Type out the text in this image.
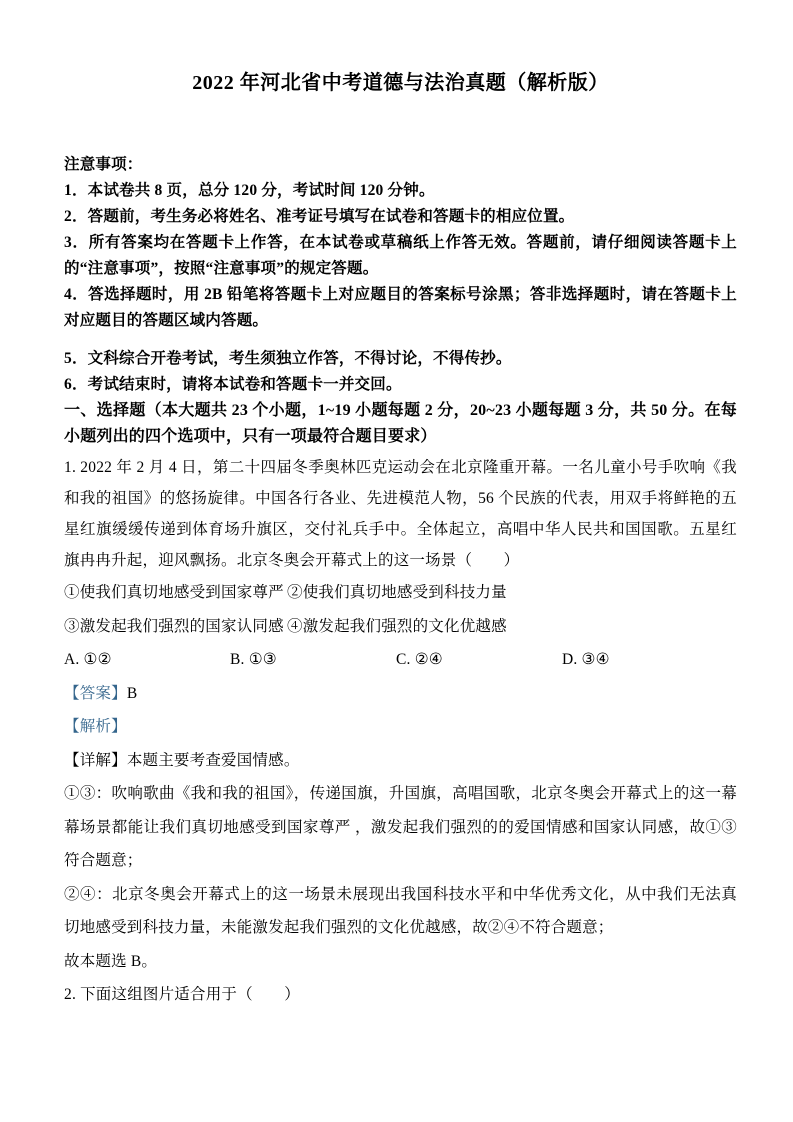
2022 年河北省中考道德与法治真题（解析版）

注意事项：

1．本试卷共 8 页，总分 120 分，考试时间 120 分钟。

2．答题前，考生务必将姓名、准考证号填写在试卷和答题卡的相应位置。

3．所有答案均在答题卡上作答，在本试卷或草稿纸上作答无效。答题前，请仔细阅读答题卡上的“注意事项”，按照“注意事项”的规定答题。

4．答选择题时，用 2B 铅笔将答题卡上对应题目的答案标号涂黑；答非选择题时，请在答题卡上对应题目的答题区域内答题。

5．文科综合开卷考试，考生须独立作答，不得讨论，不得传抄。

6．考试结束时，请将本试卷和答题卡一并交回。

一、选择题（本大题共 23 个小题，1~19 小题每题 2 分，20~23 小题每题 3 分，共 50 分。在每小题列出的四个选项中，只有一项最符合题目要求）

1. 2022 年 2 月 4 日，第二十四届冬季奥林匹克运动会在北京隆重开幕。一名儿童小号手吹响《我和我的祖国》的悠扬旋律。中国各行各业、先进模范人物，56 个民族的代表，用双手将鲜艳的五星红旗缓缓传递到体育场升旗区，交付礼兵手中。全体起立，高唱中华人民共和国国歌。五星红旗冉冉升起，迎风飘扬。北京冬奥会开幕式上的这一场景（　　）

①使我们真切地感受到国家尊严 ②使我们真切地感受到科技力量
③激发起我们强烈的国家认同感 ④激发起我们强烈的文化优越感
A. ①②	B. ①③	C. ②④	D. ③④

【答案】B

【解析】

【详解】本题主要考查爱国情感。

①③：吹响歌曲《我和我的祖国》，传递国旗，升国旗，高唱国歌，北京冬奥会开幕式上的这一幕幕场景都能让我们真切地感受到国家尊严 ，激发起我们强烈的的爱国情感和国家认同感，故①③符合题意；

②④：北京冬奥会开幕式上的这一场景未展现出我国科技水平和中华优秀文化，从中我们无法真切地感受到科技力量，未能激发起我们强烈的文化优越感，故②④不符合题意；

故本题选 B。

2. 下面这组图片适合用于（　　）
